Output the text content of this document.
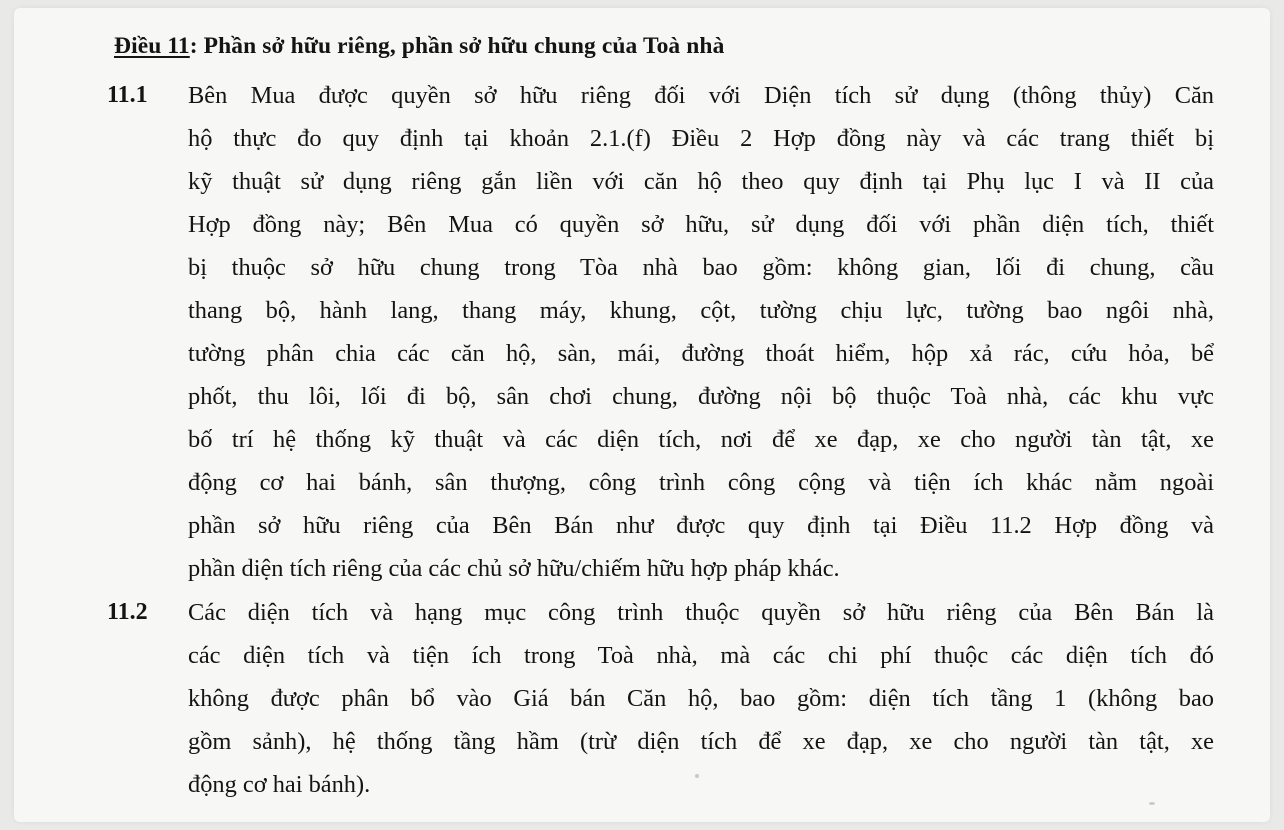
Điều 11: Phần sở hữu riêng, phần sở hữu chung của Toà nhà
11.1 Bên Mua được quyền sở hữu riêng đối với Diện tích sử dụng (thông thủy) Căn
hộ thực đo quy định tại khoản 2.1.(f) Điều 2 Hợp đồng này và các trang thiết bị
kỹ thuật sử dụng riêng gắn liền với căn hộ theo quy định tại Phụ lục I và II của
Hợp đồng này; Bên Mua có quyền sở hữu, sử dụng đối với phần diện tích, thiết
bị thuộc sở hữu chung trong Tòa nhà bao gồm: không gian, lối đi chung, cầu
thang bộ, hành lang, thang máy, khung, cột, tường chịu lực, tường bao ngôi nhà,
tường phân chia các căn hộ, sàn, mái, đường thoát hiểm, hộp xả rác, cứu hỏa, bể
phốt, thu lôi, lối đi bộ, sân chơi chung, đường nội bộ thuộc Toà nhà, các khu vực
bố trí hệ thống kỹ thuật và các diện tích, nơi để xe đạp, xe cho người tàn tật, xe
động cơ hai bánh, sân thượng, công trình công cộng và tiện ích khác nằm ngoài
phần sở hữu riêng của Bên Bán như được quy định tại Điều 11.2 Hợp đồng và
phần diện tích riêng của các chủ sở hữu/chiếm hữu hợp pháp khác.
11.2 Các diện tích và hạng mục công trình thuộc quyền sở hữu riêng của Bên Bán là
các diện tích và tiện ích trong Toà nhà, mà các chi phí thuộc các diện tích đó
không được phân bổ vào Giá bán Căn hộ, bao gồm: diện tích tầng 1 (không bao
gồm sảnh), hệ thống tầng hầm (trừ diện tích để xe đạp, xe cho người tàn tật, xe
động cơ hai bánh).
